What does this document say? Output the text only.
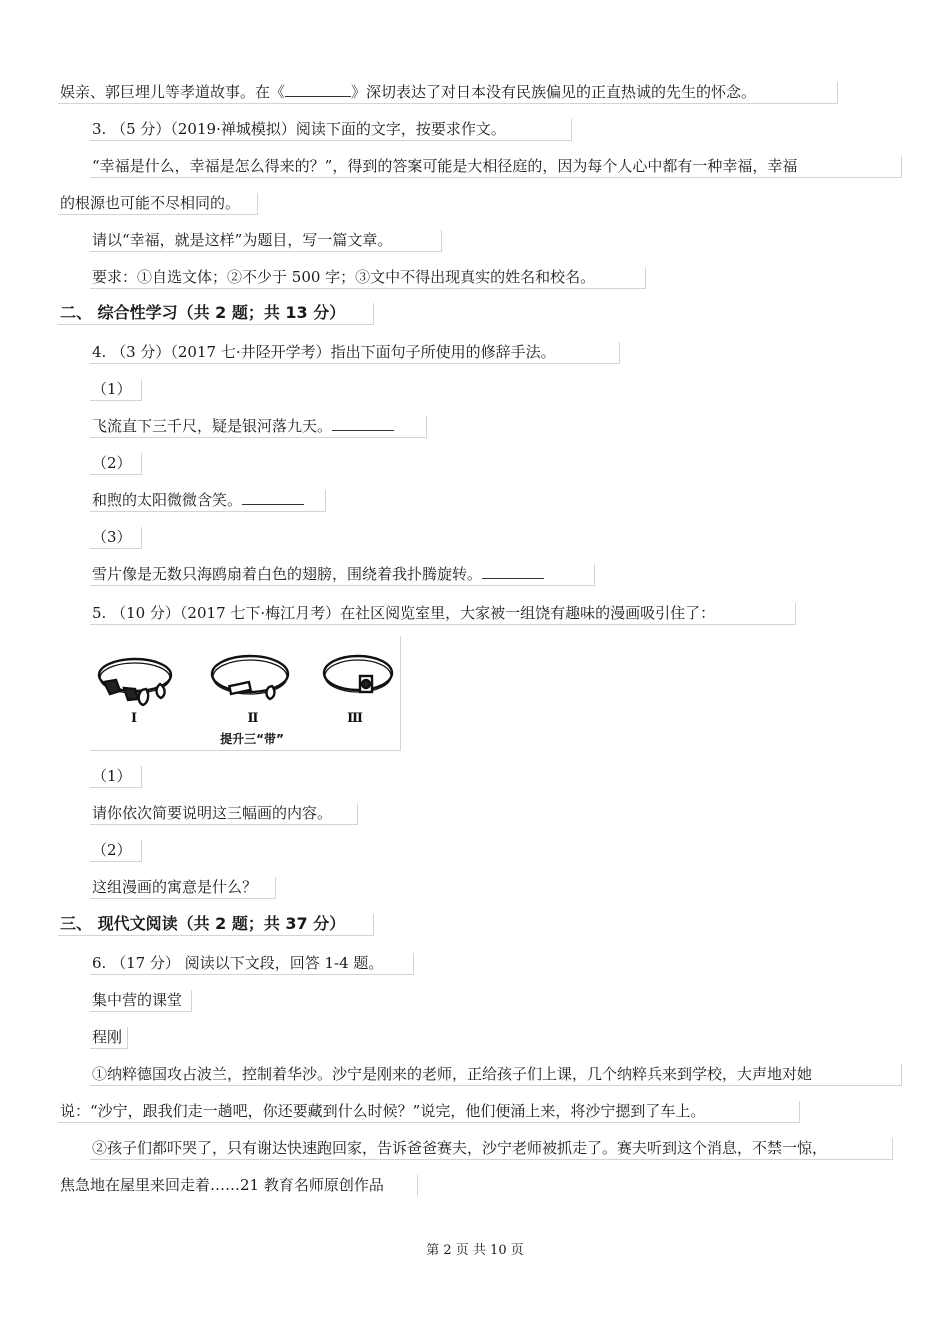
娱亲、郭巨埋儿等孝道故事。在《	》深切表达了对日本没有民族偏见的正直热诚的先生的怀念。
3. （5 分）（2019·禅城模拟）阅读下面的文字，按要求作文。
“幸福是什么，幸福是怎么得来的？”，得到的答案可能是大相径庭的，因为每个人心中都有一种幸福，幸福
的根源也可能不尽相同的。
请以“幸福，就是这样”为题目，写一篇文章。
要求：①自选文体；②不少于 500 字；③文中不得出现真实的姓名和校名。
二、 综合性学习（共 2 题；共 13 分）
4. （3 分）（2017 七·井陉开学考）指出下面句子所使用的修辞手法。
（1）
飞流直下三千尺，疑是银河落九天。
（2）
和煦的太阳微微含笑。
（3）
雪片像是无数只海鸥扇着白色的翅膀，围绕着我扑腾旋转。
5. （10 分）（2017 七下·梅江月考）在社区阅览室里，大家被一组饶有趣味的漫画吸引住了：
Ⅰ	Ⅱ	Ⅲ
提升三“带”
（1）
请你依次简要说明这三幅画的内容。
（2）
这组漫画的寓意是什么？
三、 现代文阅读（共 2 题；共 37 分）
6. （17 分） 阅读以下文段，回答 1-4 题。
集中营的课堂
程刚
①纳粹德国攻占波兰，控制着华沙。沙宁是刚来的老师，正给孩子们上课，几个纳粹兵来到学校，大声地对她
说：“沙宁，跟我们走一趟吧，你还要藏到什么时候？”说完，他们便涌上来，将沙宁摁到了车上。
②孩子们都吓哭了，只有谢达快速跑回家，告诉爸爸赛夫，沙宁老师被抓走了。赛夫听到这个消息，不禁一惊，
焦急地在屋里来回走着……21 教育名师原创作品
第 2 页 共 10 页
